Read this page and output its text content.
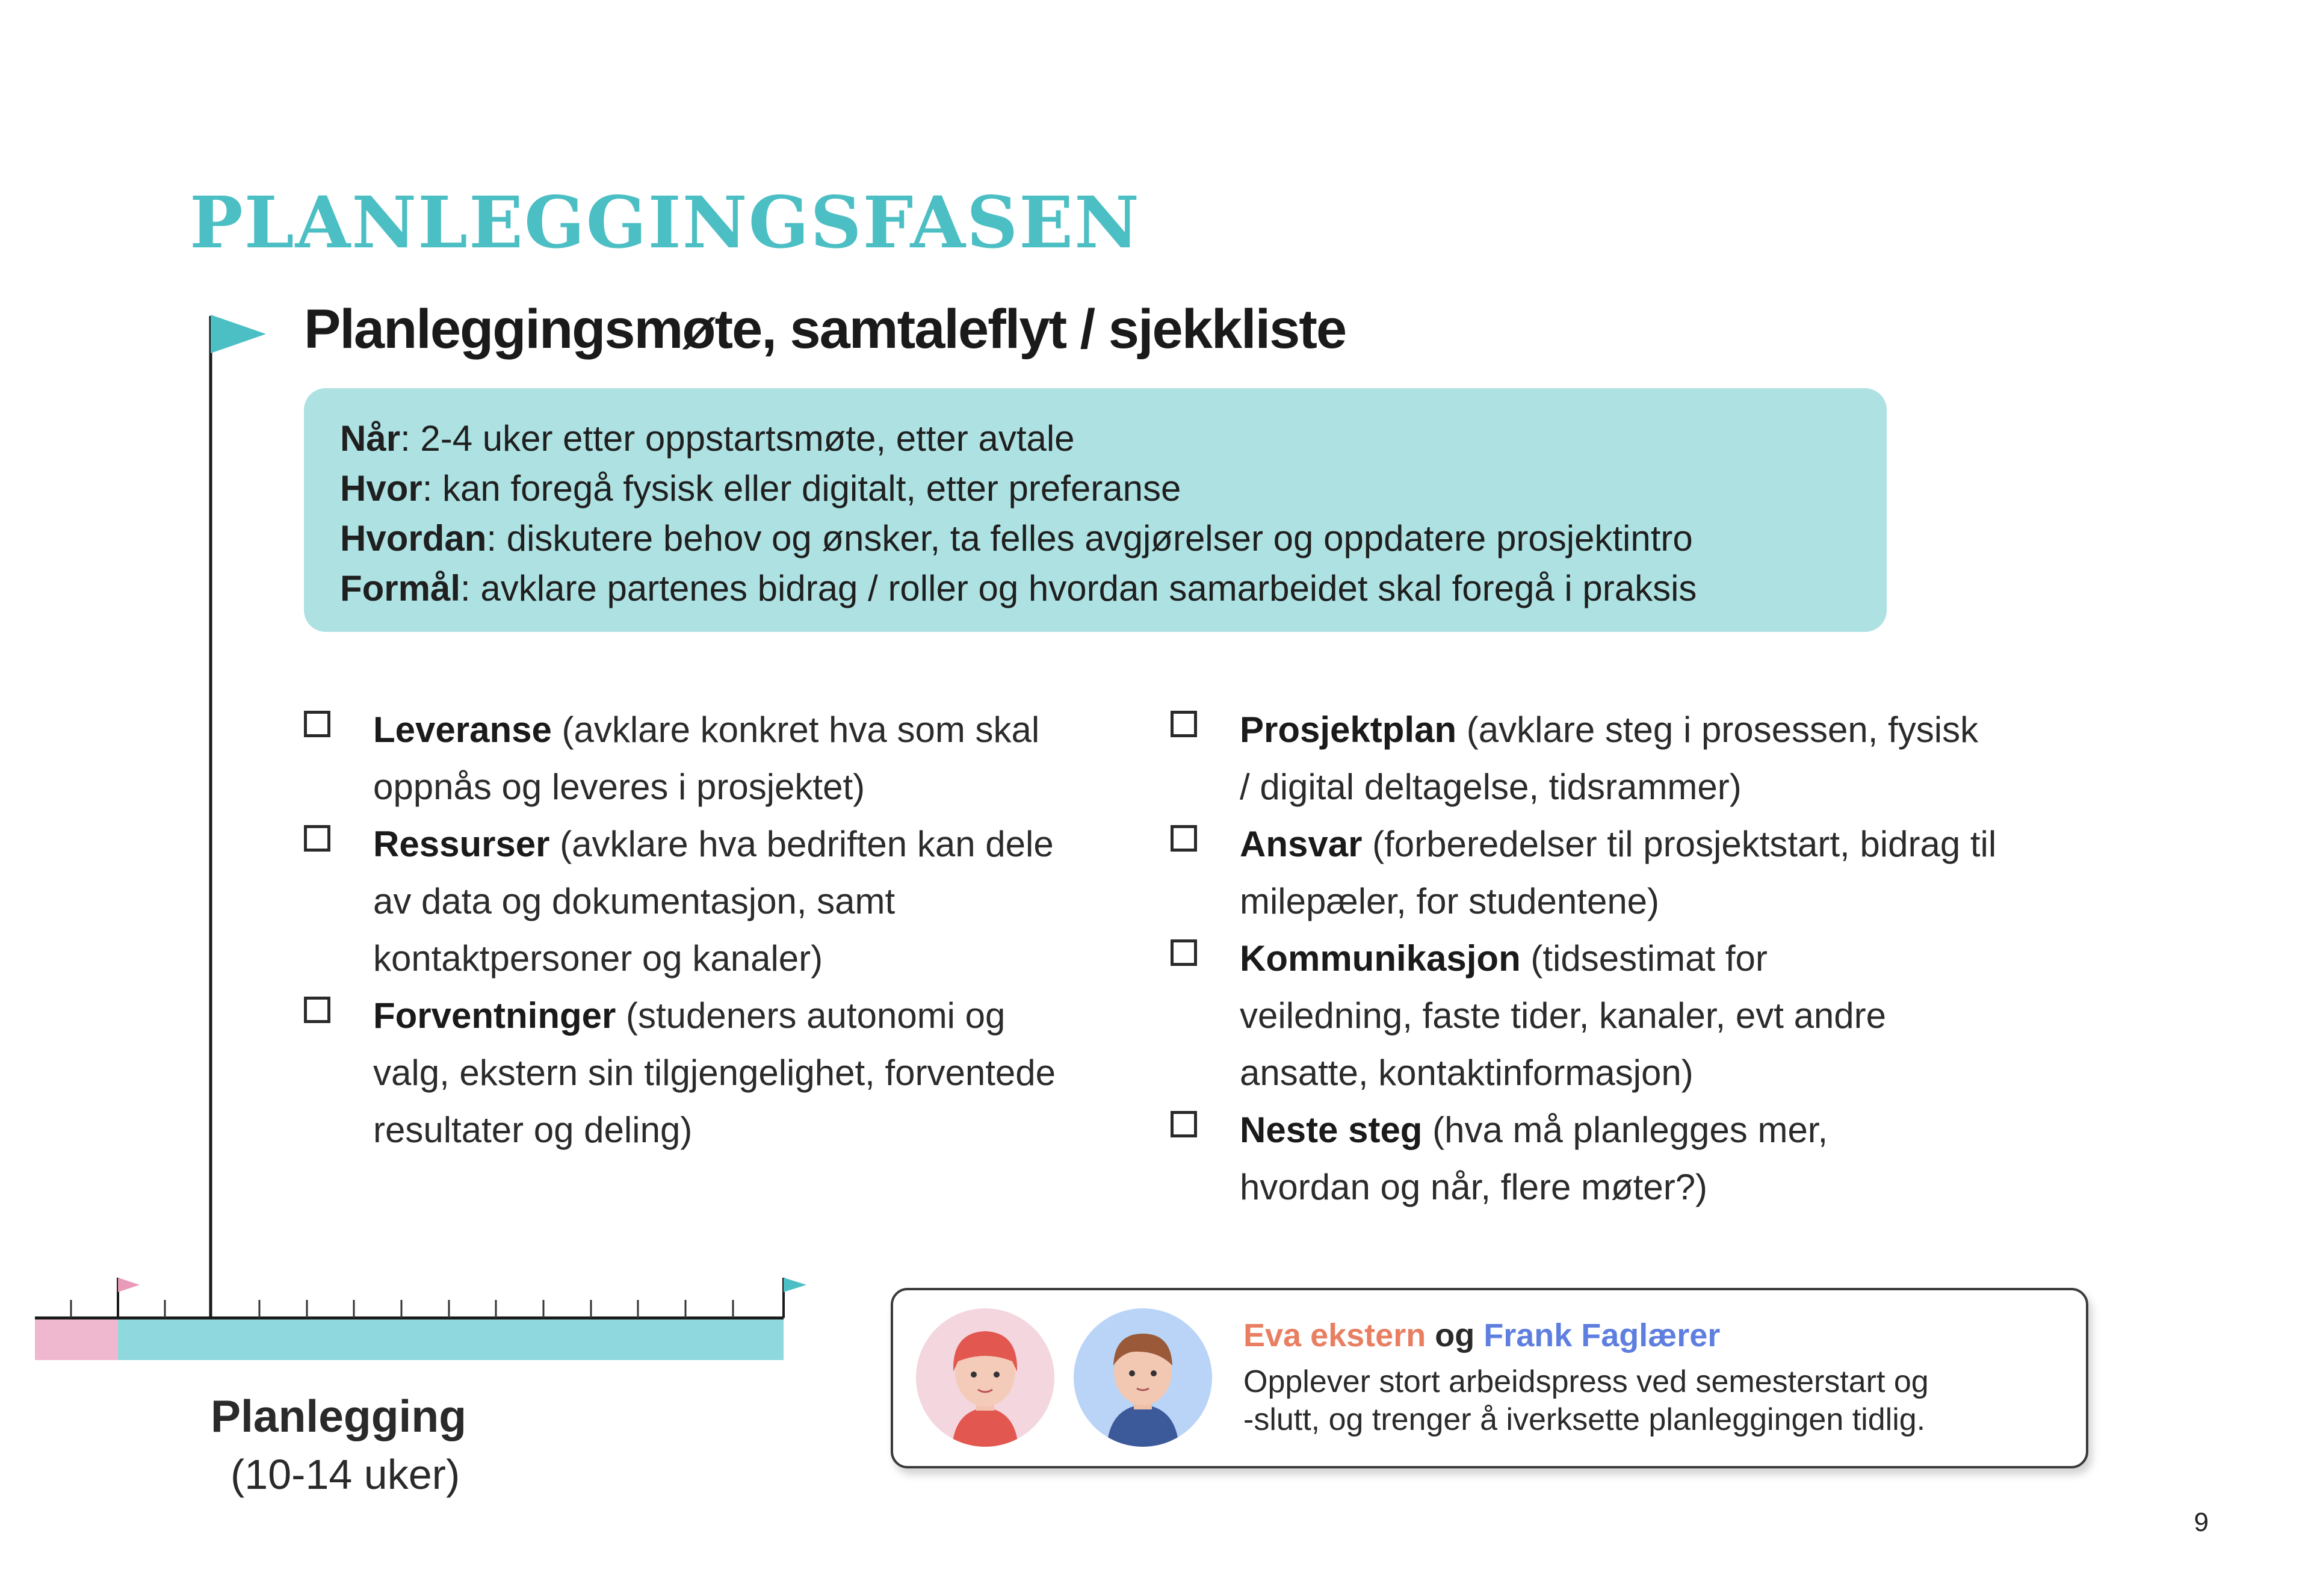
PLANLEGGINGSFASEN
Planleggingsmøte, samtaleflyt / sjekkliste
Når: 2-4 uker etter oppstartsmøte, etter avtale
Hvor: kan foregå fysisk eller digitalt, etter preferanse
Hvordan: diskutere behov og ønsker, ta felles avgjørelser og oppdatere prosjektintro
Formål: avklare partenes bidrag / roller og hvordan samarbeidet skal foregå i praksis
Leveranse (avklare konkret hva som skal oppnås og leveres i prosjektet)
Ressurser (avklare hva bedriften kan dele av data og dokumentasjon, samt kontaktpersoner og kanaler)
Forventninger (studeners autonomi og valg, ekstern sin tilgjengelighet, forventede resultater og deling)
Prosjektplan (avklare steg i prosessen, fysisk / digital deltagelse, tidsrammer)
Ansvar (forberedelser til prosjektstart, bidrag til milepæler, for studentene)
Kommunikasjon (tidsestimat for veiledning, faste tider, kanaler, evt andre ansatte, kontaktinformasjon)
Neste steg (hva må planlegges mer, hvordan og når, flere møter?)
Planlegging
(10-14 uker)
Eva ekstern og Frank Faglærer
Opplever stort arbeidspress ved semesterstart og
-slutt, og trenger å iverksette planleggingen tidlig.
9
